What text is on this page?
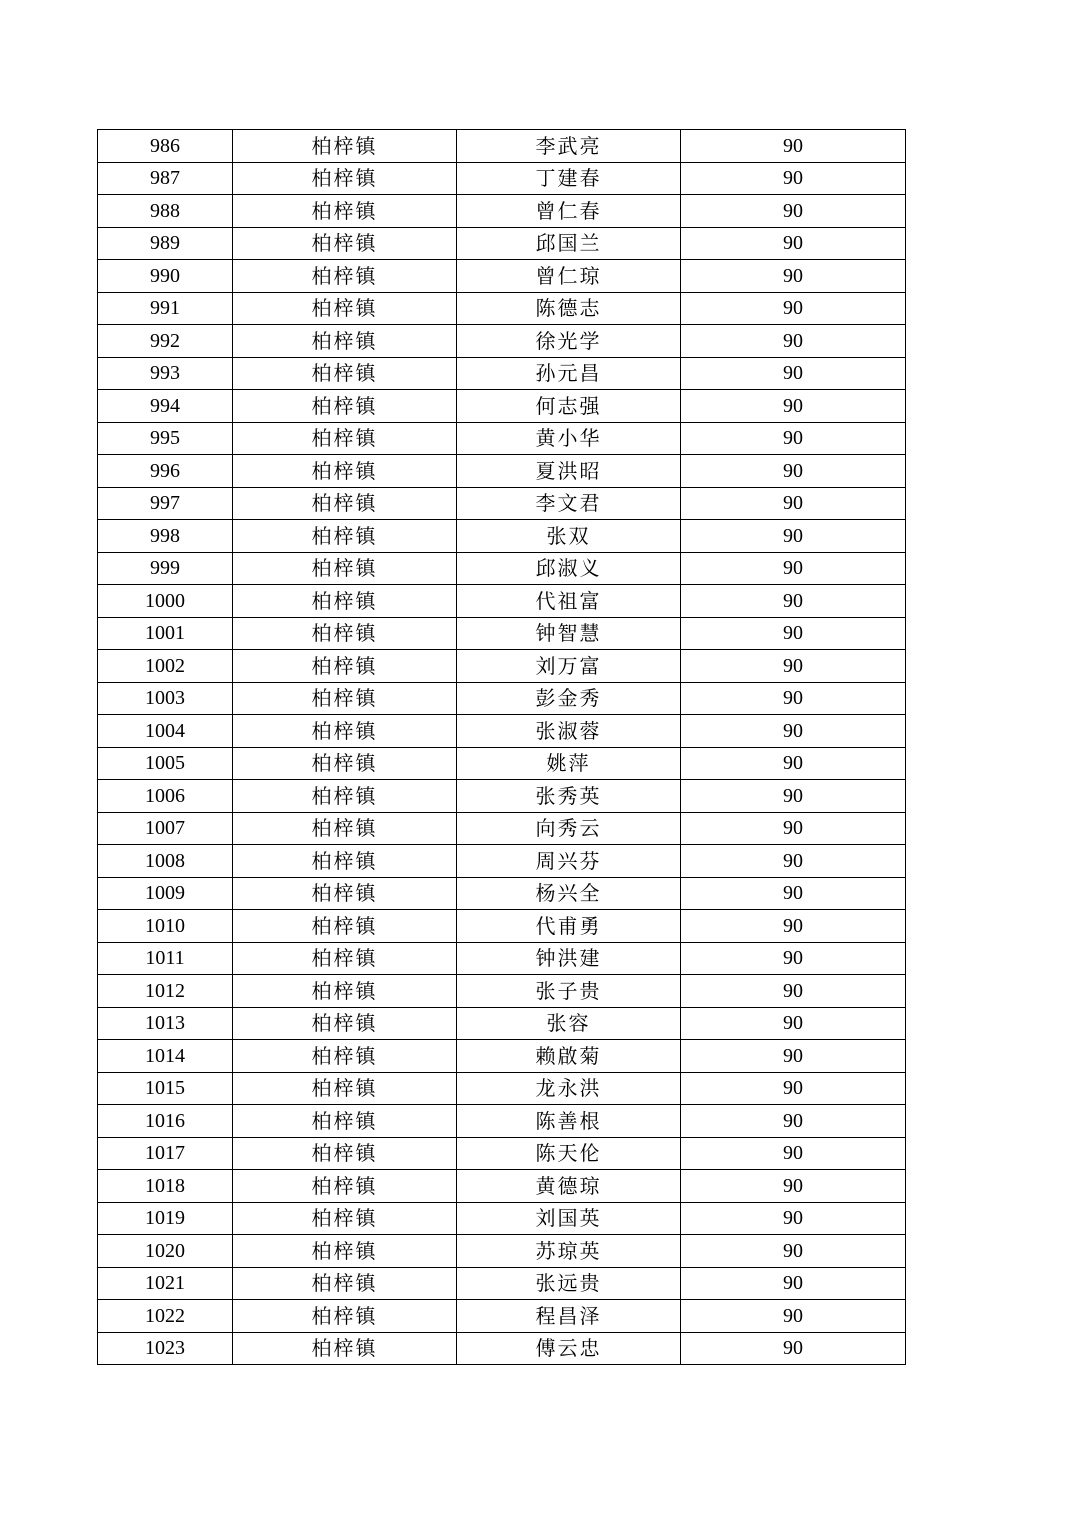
986	柏梓镇	李武亮	90
987	柏梓镇	丁建春	90
988	柏梓镇	曾仁春	90
989	柏梓镇	邱国兰	90
990	柏梓镇	曾仁琼	90
991	柏梓镇	陈德志	90
992	柏梓镇	徐光学	90
993	柏梓镇	孙元昌	90
994	柏梓镇	何志强	90
995	柏梓镇	黄小华	90
996	柏梓镇	夏洪昭	90
997	柏梓镇	李文君	90
998	柏梓镇	张双	90
999	柏梓镇	邱淑义	90
1000	柏梓镇	代祖富	90
1001	柏梓镇	钟智慧	90
1002	柏梓镇	刘万富	90
1003	柏梓镇	彭金秀	90
1004	柏梓镇	张淑蓉	90
1005	柏梓镇	姚萍	90
1006	柏梓镇	张秀英	90
1007	柏梓镇	向秀云	90
1008	柏梓镇	周兴芬	90
1009	柏梓镇	杨兴全	90
1010	柏梓镇	代甫勇	90
1011	柏梓镇	钟洪建	90
1012	柏梓镇	张子贵	90
1013	柏梓镇	张容	90
1014	柏梓镇	赖啟菊	90
1015	柏梓镇	龙永洪	90
1016	柏梓镇	陈善根	90
1017	柏梓镇	陈天伦	90
1018	柏梓镇	黄德琼	90
1019	柏梓镇	刘国英	90
1020	柏梓镇	苏琼英	90
1021	柏梓镇	张远贵	90
1022	柏梓镇	程昌泽	90
1023	柏梓镇	傅云忠	90
